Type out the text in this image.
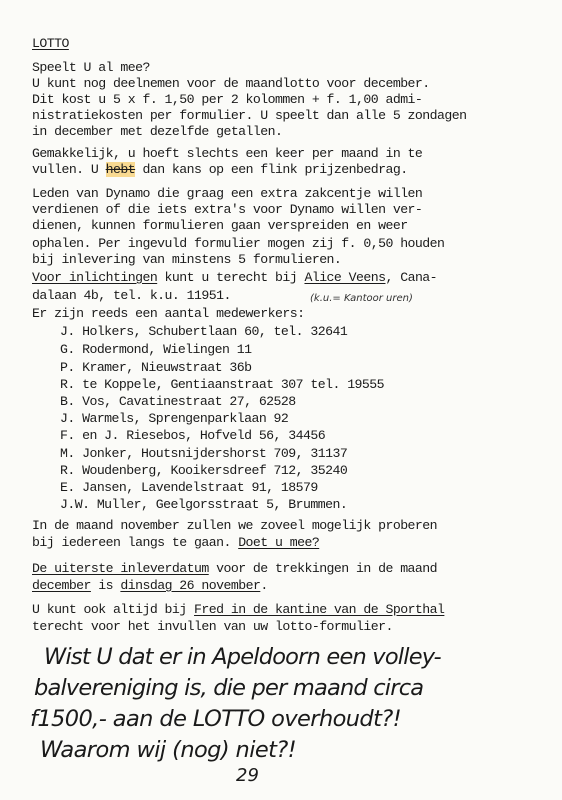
LOTTO
Speelt U al mee?
U kunt nog deelnemen voor de maandlotto voor december.
Dit kost u 5 x f. 1,50 per 2 kolommen + f. 1,00 admi-
nistratiekosten per formulier. U speelt dan alle 5 zondagen
in december met dezelfde getallen.
Gemakkelijk, u hoeft slechts een keer per maand in te
vullen. U hebt dan kans op een flink prijzenbedrag.
Leden van Dynamo die graag een extra zakcentje willen
verdienen of die iets extra's voor Dynamo willen ver-
dienen, kunnen formulieren gaan verspreiden en weer
ophalen. Per ingevuld formulier mogen zij f. 0,50 houden
bij inlevering van minstens 5 formulieren.
Voor inlichtingen kunt u terecht bij Alice Veens, Cana-
dalaan 4b, tel. k.u. 11951.	(k.u.= Kantoor uren)
Er zijn reeds een aantal medewerkers:
J. Holkers, Schubertlaan 60, tel. 32641
G. Rodermond, Wielingen 11
P. Kramer, Nieuwstraat 36b
R. te Koppele, Gentiaanstraat 307 tel. 19555
B. Vos, Cavatinestraat 27, 62528
J. Warmels, Sprengenparklaan 92
F. en J. Riesebos, Hofveld 56, 34456
M. Jonker, Houtsnijdershorst 709, 31137
R. Woudenberg, Kooikersdreef 712, 35240
E. Jansen, Lavendelstraat 91, 18579
J.W. Muller, Geelgorsstraat 5, Brummen.
In de maand november zullen we zoveel mogelijk proberen
bij iedereen langs te gaan. Doet u mee?
De uiterste inleverdatum voor de trekkingen in de maand
december is dinsdag 26 november.
U kunt ook altijd bij Fred in de kantine van de Sporthal
terecht voor het invullen van uw lotto-formulier.
Wist U dat er in Apeldoorn een volley-
balvereniging is, die per maand circa
f1500,- aan de LOTTO overhoudt?!
Waarom wij (nog) niet?!
29
